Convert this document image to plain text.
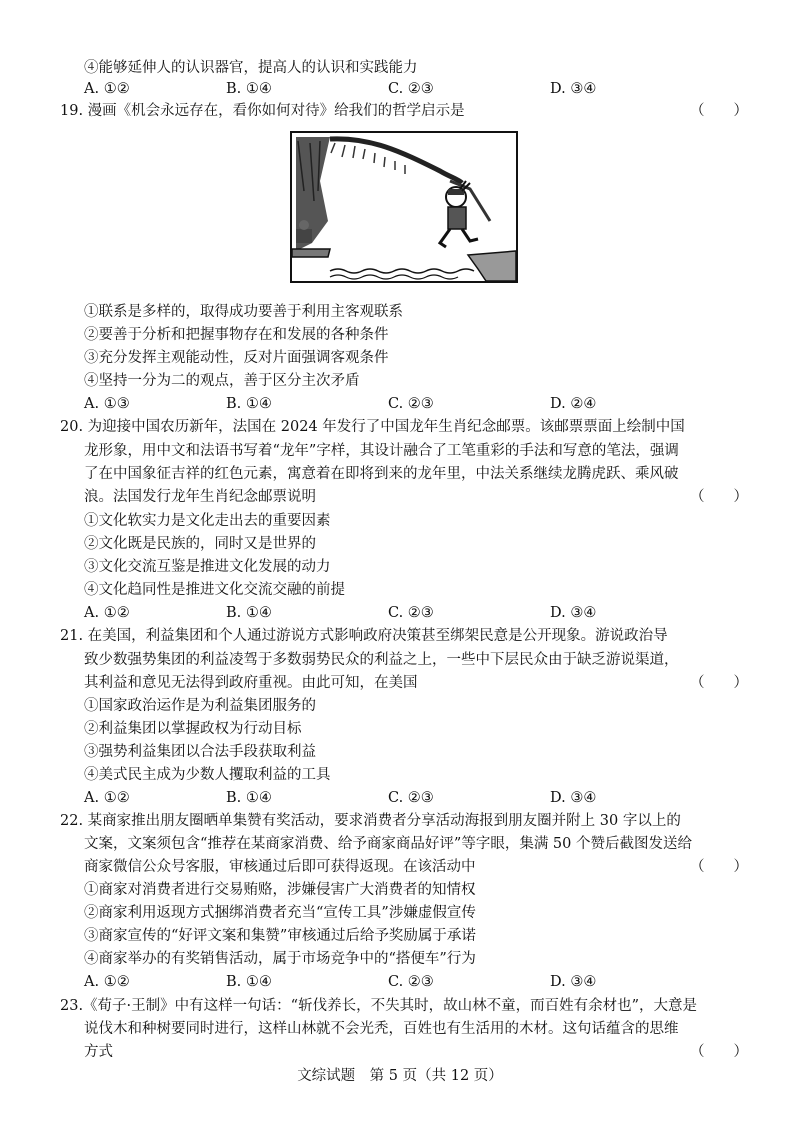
④能够延伸人的认识器官，提高人的认识和实践能力
A. ①②	B. ①④	C. ②③	D. ③④
19. 漫画《机会永远存在，看你如何对待》给我们的哲学启示是	（　　）
①联系是多样的，取得成功要善于利用主客观联系
②要善于分析和把握事物存在和发展的各种条件
③充分发挥主观能动性，反对片面强调客观条件
④坚持一分为二的观点，善于区分主次矛盾
A. ①③	B. ①④	C. ②③	D. ②④
20. 为迎接中国农历新年，法国在 2024 年发行了中国龙年生肖纪念邮票。该邮票票面上绘制中国
龙形象，用中文和法语书写着“龙年”字样，其设计融合了工笔重彩的手法和写意的笔法，强调
了在中国象征吉祥的红色元素，寓意着在即将到来的龙年里，中法关系继续龙腾虎跃、乘风破
浪。法国发行龙年生肖纪念邮票说明	（　　）
①文化软实力是文化走出去的重要因素
②文化既是民族的，同时又是世界的
③文化交流互鉴是推进文化发展的动力
④文化趋同性是推进文化交流交融的前提
A. ①②	B. ①④	C. ②③	D. ③④
21. 在美国，利益集团和个人通过游说方式影响政府决策甚至绑架民意是公开现象。游说政治导
致少数强势集团的利益凌驾于多数弱势民众的利益之上，一些中下层民众由于缺乏游说渠道，
其利益和意见无法得到政府重视。由此可知，在美国	（　　）
①国家政治运作是为利益集团服务的
②利益集团以掌握政权为行动目标
③强势利益集团以合法手段获取利益
④美式民主成为少数人攫取利益的工具
A. ①②	B. ①④	C. ②③	D. ③④
22. 某商家推出朋友圈晒单集赞有奖活动，要求消费者分享活动海报到朋友圈并附上 30 字以上的
文案，文案须包含“推荐在某商家消费、给予商家商品好评”等字眼，集满 50 个赞后截图发送给
商家微信公众号客服，审核通过后即可获得返现。在该活动中	（　　）
①商家对消费者进行交易贿赂，涉嫌侵害广大消费者的知情权
②商家利用返现方式捆绑消费者充当“宣传工具”涉嫌虚假宣传
③商家宣传的“好评文案和集赞”审核通过后给予奖励属于承诺
④商家举办的有奖销售活动，属于市场竞争中的“搭便车”行为
A. ①②	B. ①④	C. ②③	D. ③④
23.《荀子·王制》中有这样一句话：“斩伐养长，不失其时，故山林不童，而百姓有余材也”，大意是
说伐木和种树要同时进行，这样山林就不会光秃，百姓也有生活用的木材。这句话蕴含的思维
方式	（　　）
文综试题　第 5 页（共 12 页）
